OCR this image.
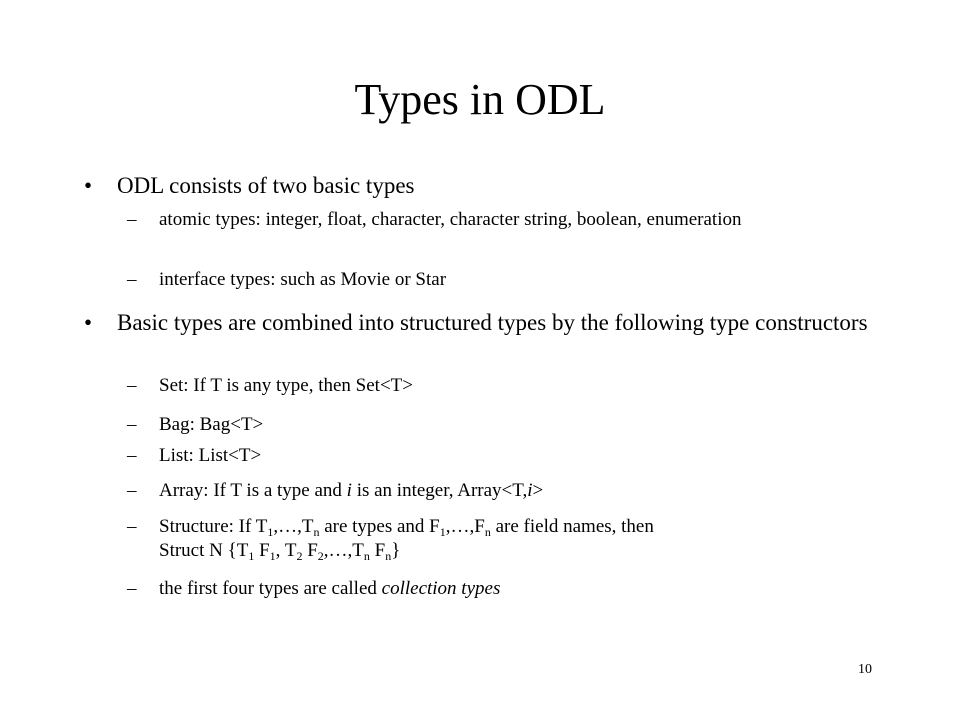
Types in ODL
• ODL consists of two basic types
– atomic types: integer, float, character, character string, boolean, enumeration
– interface types: such as Movie or Star
• Basic types are combined into structured types by the following type constructors
– Set: If T is any type, then Set<T>
– Bag: Bag<T>
– List: List<T>
– Array: If T is a type and i is an integer, Array<T,i>
– Structure: If $T_1,\dots,T_n$ are types and $F_1,\dots,F_n$ are field names, then
Struct N {$T_1$ $F_1$, $T_2$ $F_2,\dots,T_n$ $F_n$}
– the first four types are called collection types
10
